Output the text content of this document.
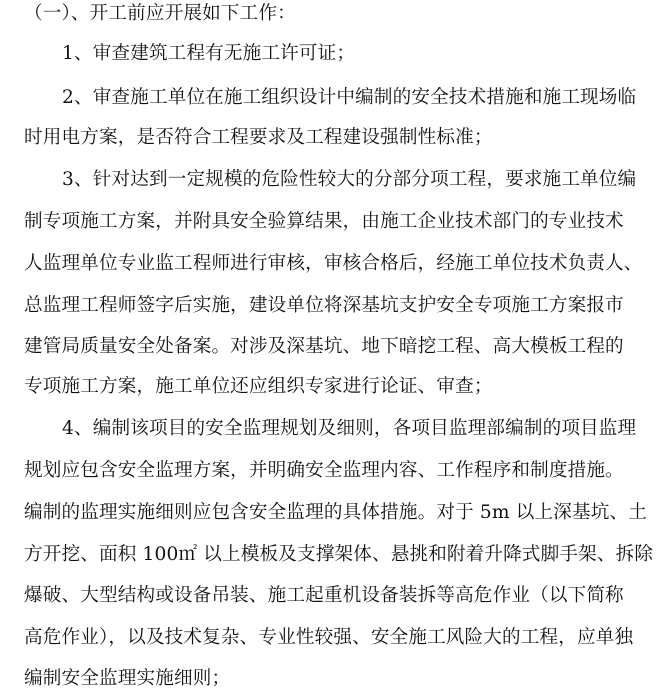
（一）、开工前应开展如下工作：
1、审查建筑工程有无施工许可证；
2、审查施工单位在施工组织设计中编制的安全技术措施和施工现场临
时用电方案，是否符合工程要求及工程建设强制性标准；
3、针对达到一定规模的危险性较大的分部分项工程，要求施工单位编
制专项施工方案，并附具安全验算结果，由施工企业技术部门的专业技术
人监理单位专业监工程师进行审核，审核合格后，经施工单位技术负责人、
总监理工程师签字后实施，建设单位将深基坑支护安全专项施工方案报市
建管局质量安全处备案。对涉及深基坑、地下暗挖工程、高大模板工程的
专项施工方案，施工单位还应组织专家进行论证、审查；
4、编制该项目的安全监理规划及细则，各项目监理部编制的项目监理
规划应包含安全监理方案，并明确安全监理内容、工作程序和制度措施。
编制的监理实施细则应包含安全监理的具体措施。对于 5m 以上深基坑、土
方开挖、面积 100㎡ 以上模板及支撑架体、悬挑和附着升降式脚手架、拆除
爆破、大型结构或设备吊装、施工起重机设备装拆等高危作业（以下简称
高危作业），以及技术复杂、专业性较强、安全施工风险大的工程，应单独
编制安全监理实施细则；
